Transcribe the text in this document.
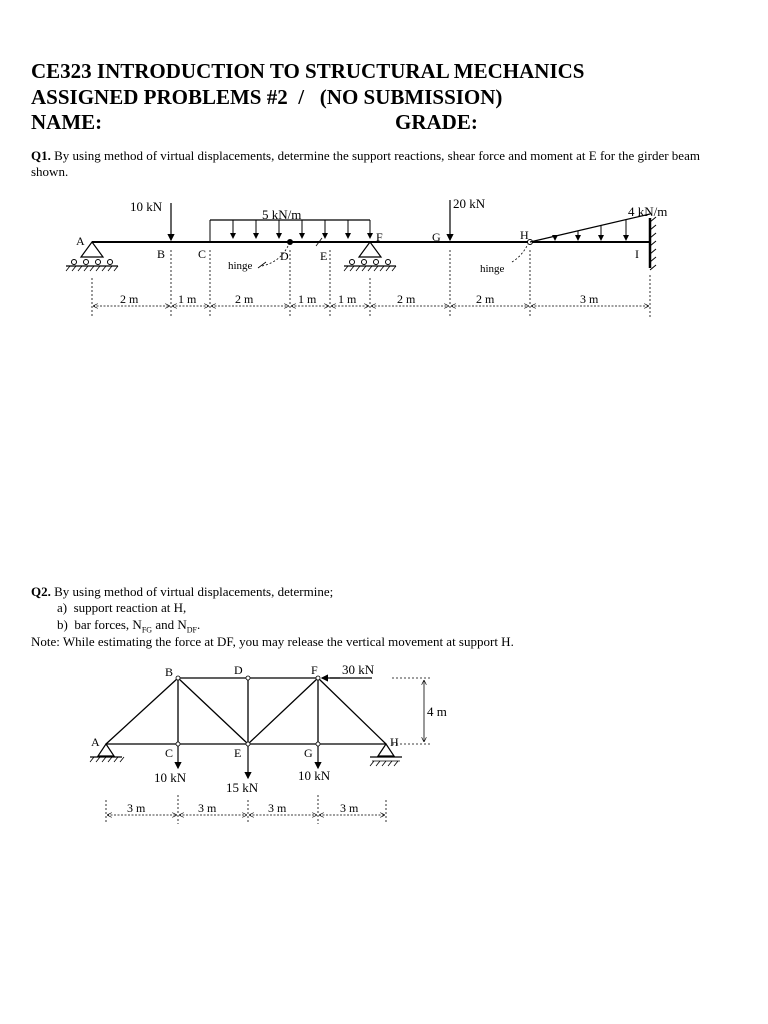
CE323 INTRODUCTION TO STRUCTURAL MECHANICS
ASSIGNED PROBLEMS #2  /   (NO SUBMISSION)
NAME:	GRADE:
Q1. By using method of virtual displacements, determine the support reactions, shear force and moment at E for the girder beam shown.
hinge	hinge
10 kN
5 kN/m
20 kN
4 kN/m
A
B	C	D	E
F	G	H
I
2 m	1 m	2 m	1 m 1 m	2 m	2 m	3 m
Q2. By using method of virtual displacements, determine;
a)  support reaction at H,
b)  bar forces, $N_{FG}$ and $N_{DF}$.
Note: While estimating the force at DF, you may release the vertical movement at support H.
30 kN
10 kN
15 kN
10 kN
4 m
A
B
C
D
E
F
G
H
3 m	3 m	3 m	3 m
